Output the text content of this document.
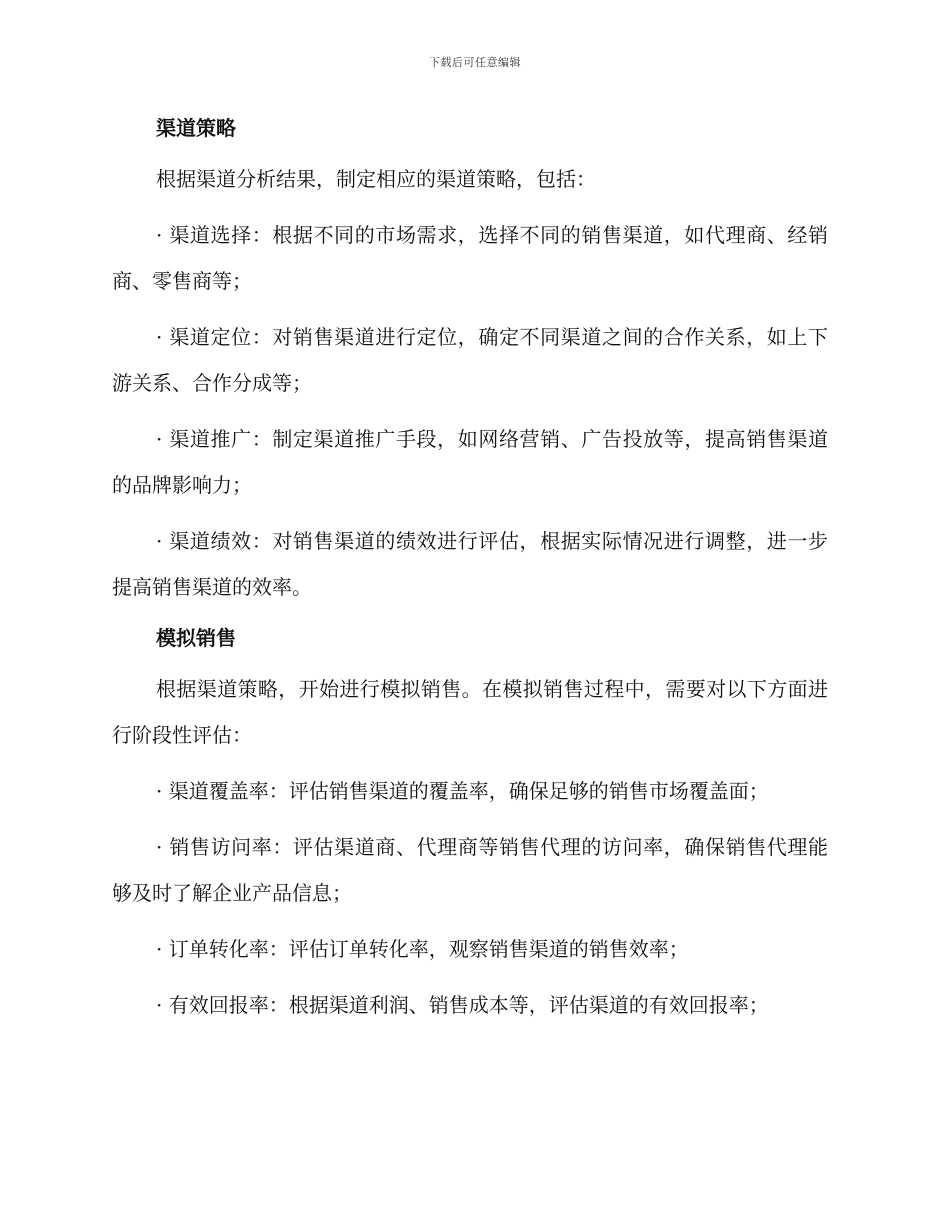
下载后可任意编辑
渠道策略
根据渠道分析结果，制定相应的渠道策略，包括：
· 渠道选择：根据不同的市场需求，选择不同的销售渠道，如代理商、经销商、零售商等；
· 渠道定位：对销售渠道进行定位，确定不同渠道之间的合作关系，如上下游关系、合作分成等；
· 渠道推广：制定渠道推广手段，如网络营销、广告投放等，提高销售渠道的品牌影响力；
· 渠道绩效：对销售渠道的绩效进行评估，根据实际情况进行调整，进一步提高销售渠道的效率。
模拟销售
根据渠道策略，开始进行模拟销售。在模拟销售过程中，需要对以下方面进行阶段性评估：
· 渠道覆盖率：评估销售渠道的覆盖率，确保足够的销售市场覆盖面；
· 销售访问率：评估渠道商、代理商等销售代理的访问率，确保销售代理能够及时了解企业产品信息；
· 订单转化率：评估订单转化率，观察销售渠道的销售效率；
· 有效回报率：根据渠道利润、销售成本等，评估渠道的有效回报率；
